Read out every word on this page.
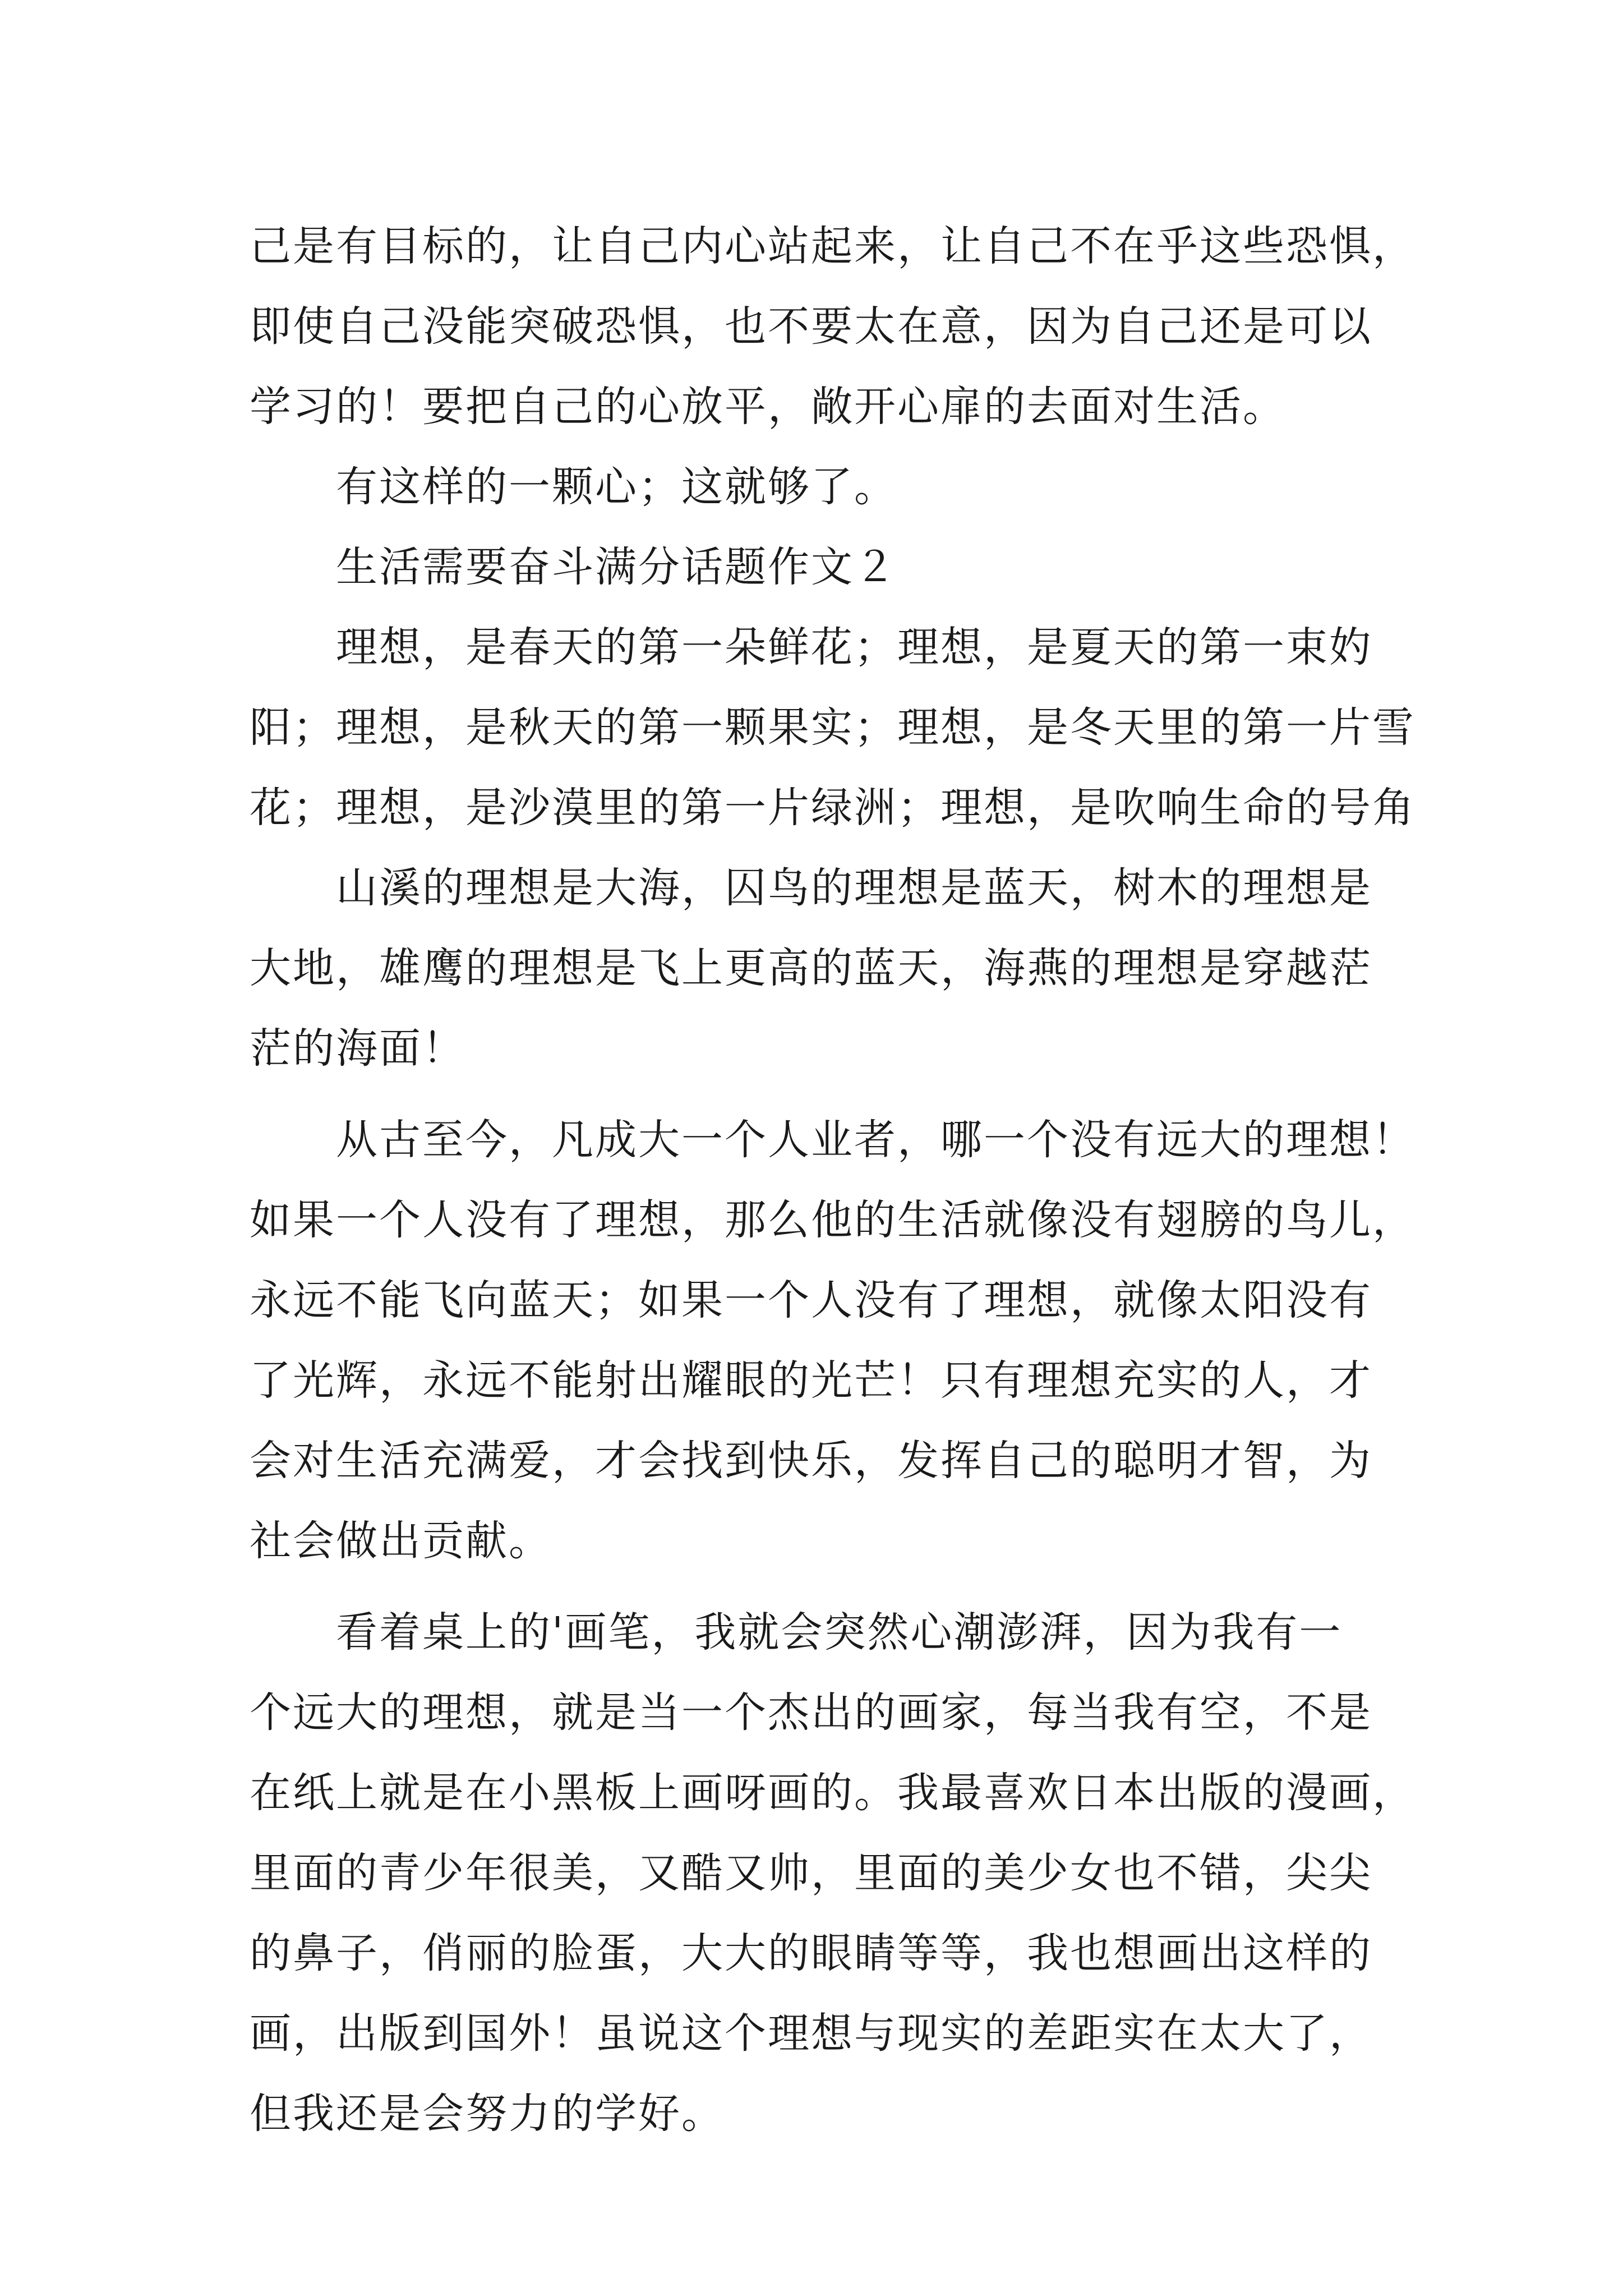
己是有目标的，让自己内心站起来，让自己不在乎这些恐惧，
即使自己没能突破恐惧，也不要太在意，因为自己还是可以
学习的！要把自己的心放平，敞开心扉的去面对生活。
有这样的一颗心；这就够了。
生活需要奋斗满分话题作文２
理想，是春天的第一朵鲜花；理想，是夏天的第一束妁
阳；理想，是秋天的第一颗果实；理想，是冬天里的第一片雪
花；理想，是沙漠里的第一片绿洲；理想，是吹响生命的号角
山溪的理想是大海，囚鸟的理想是蓝天，树木的理想是
大地，雄鹰的理想是飞上更高的蓝天，海燕的理想是穿越茫
茫的海面！
从古至今，凡成大一个人业者，哪一个没有远大的理想！
如果一个人没有了理想，那么他的生活就像没有翅膀的鸟儿，
永远不能飞向蓝天；如果一个人没有了理想，就像太阳没有
了光辉，永远不能射出耀眼的光芒！只有理想充实的人，才
会对生活充满爱，才会找到快乐，发挥自己的聪明才智，为
社会做出贡献。
看着桌上的'画笔，我就会突然心潮澎湃，因为我有一
个远大的理想，就是当一个杰出的画家，每当我有空，不是
在纸上就是在小黑板上画呀画的。我最喜欢日本出版的漫画，
里面的青少年很美，又酷又帅，里面的美少女也不错，尖尖
的鼻子，俏丽的脸蛋，大大的眼睛等等，我也想画出这样的
画，出版到国外！虽说这个理想与现实的差距实在太大了，
但我还是会努力的学好。
